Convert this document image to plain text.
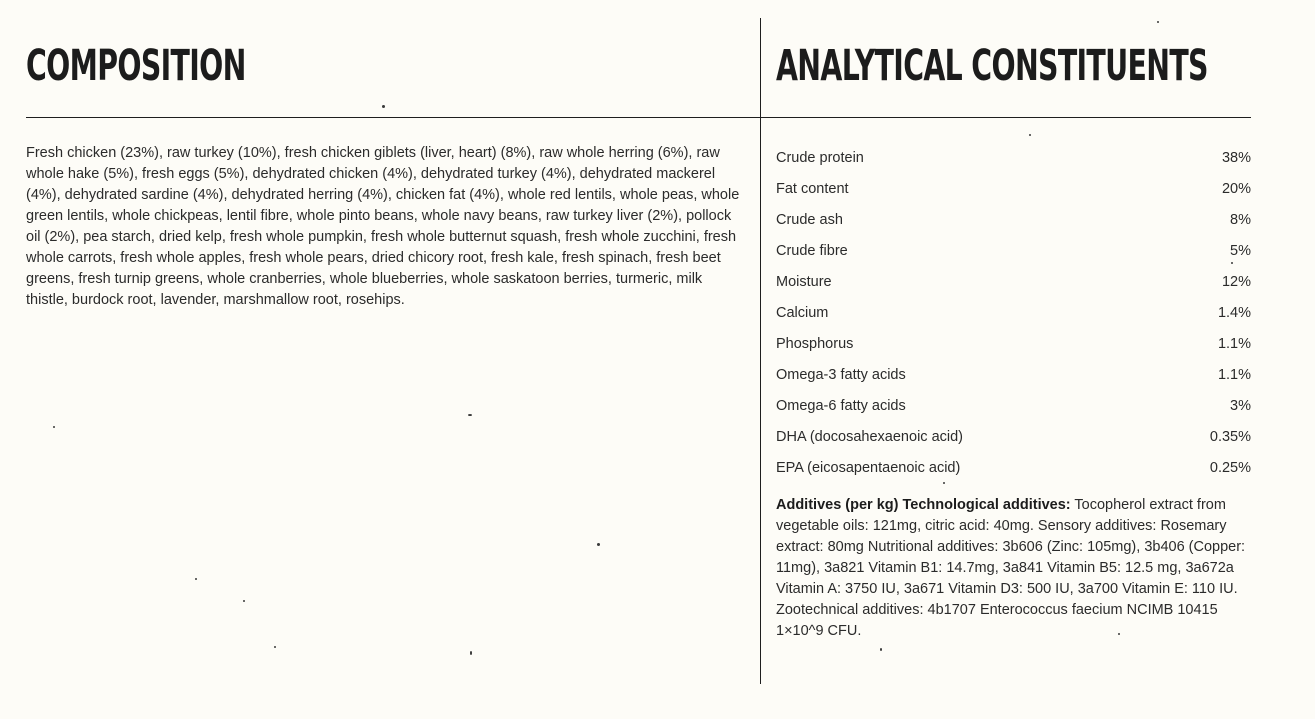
COMPOSITION

Fresh chicken (23%), raw turkey (10%), fresh chicken giblets (liver, heart) (8%), raw whole herring (6%), raw whole hake (5%), fresh eggs (5%), dehydrated chicken (4%), dehydrated turkey (4%), dehydrated mackerel (4%), dehydrated sardine (4%), dehydrated herring (4%), chicken fat (4%), whole red lentils, whole peas, whole green lentils, whole chickpeas, lentil fibre, whole pinto beans, whole navy beans, raw turkey liver (2%), pollock oil (2%), pea starch, dried kelp, fresh whole pumpkin, fresh whole butternut squash, fresh whole zucchini, fresh whole carrots, fresh whole apples, fresh whole pears, dried chicory root, fresh kale, fresh spinach, fresh beet greens, fresh turnip greens, whole cranberries, whole blueberries, whole saskatoon berries, turmeric, milk thistle, burdock root, lavender, marshmallow root, rosehips.

ANALYTICAL CONSTITUENTS
Crude protein	38%
Fat content	20%
Crude ash	8%
Crude fibre	5%
Moisture	12%
Calcium	1.4%
Phosphorus	1.1%
Omega-3 fatty acids	1.1%
Omega-6 fatty acids	3%
DHA (docosahexaenoic acid)	0.35%
EPA (eicosapentaenoic acid)	0.25%

Additives (per kg) Technological additives: Tocopherol extract from vegetable oils: 121mg, citric acid: 40mg. Sensory additives: Rosemary extract: 80mg Nutritional additives: 3b606 (Zinc: 105mg), 3b406 (Copper: 11mg), 3a821 Vitamin B1: 14.7mg, 3a841 Vitamin B5: 12.5 mg, 3a672a Vitamin A: 3750 IU, 3a671 Vitamin D3: 500 IU, 3a700 Vitamin E: 110 IU. Zootechnical additives: 4b1707 Enterococcus faecium NCIMB 10415 1×10^9 CFU.
